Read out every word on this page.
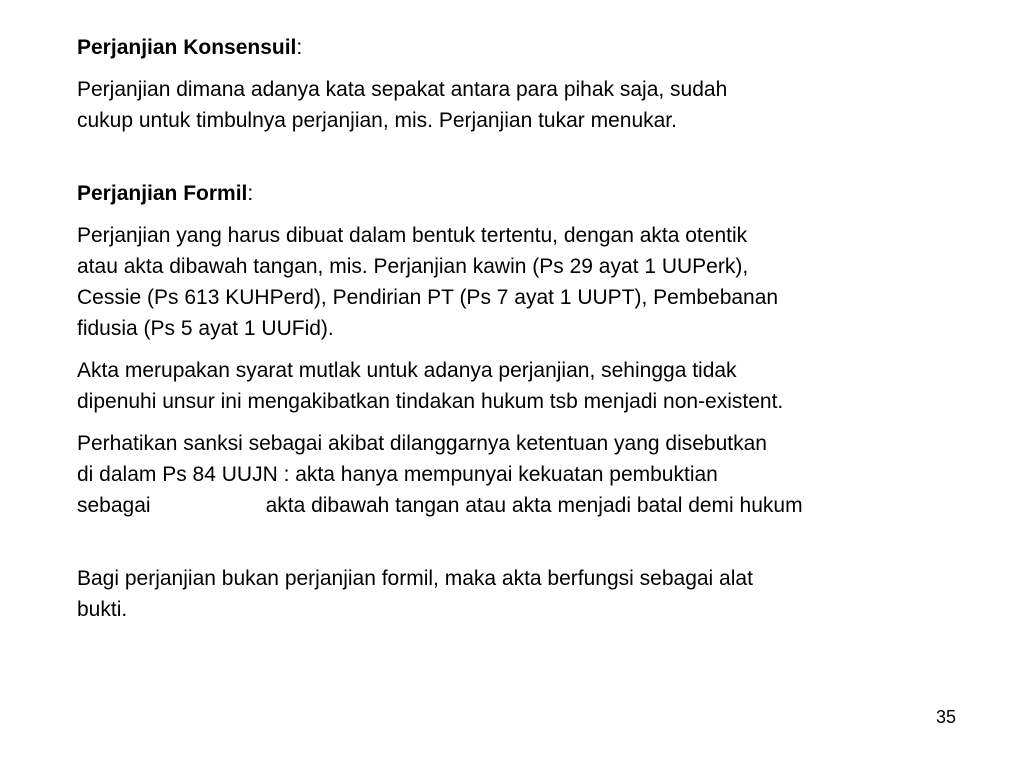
Perjanjian Konsensuil:
Perjanjian dimana adanya kata sepakat antara para pihak saja, sudah
cukup untuk timbulnya perjanjian, mis. Perjanjian tukar menukar.
Perjanjian Formil:
Perjanjian yang harus dibuat dalam bentuk tertentu, dengan akta otentik
atau akta dibawah tangan, mis. Perjanjian kawin (Ps 29 ayat 1 UUPerk),
Cessie (Ps 613 KUHPerd), Pendirian PT (Ps 7 ayat 1 UUPT), Pembebanan
fidusia (Ps 5 ayat 1 UUFid).
Akta merupakan syarat mutlak untuk adanya perjanjian, sehingga tidak
dipenuhi unsur ini mengakibatkan tindakan hukum tsb menjadi non-existent.
Perhatikan sanksi sebagai akibat dilanggarnya ketentuan yang disebutkan
di dalam Ps 84 UUJN : akta hanya mempunyai kekuatan pembuktian
sebagai	akta dibawah tangan atau akta menjadi batal demi hukum
Bagi perjanjian bukan perjanjian formil, maka akta berfungsi sebagai alat
bukti.
35
